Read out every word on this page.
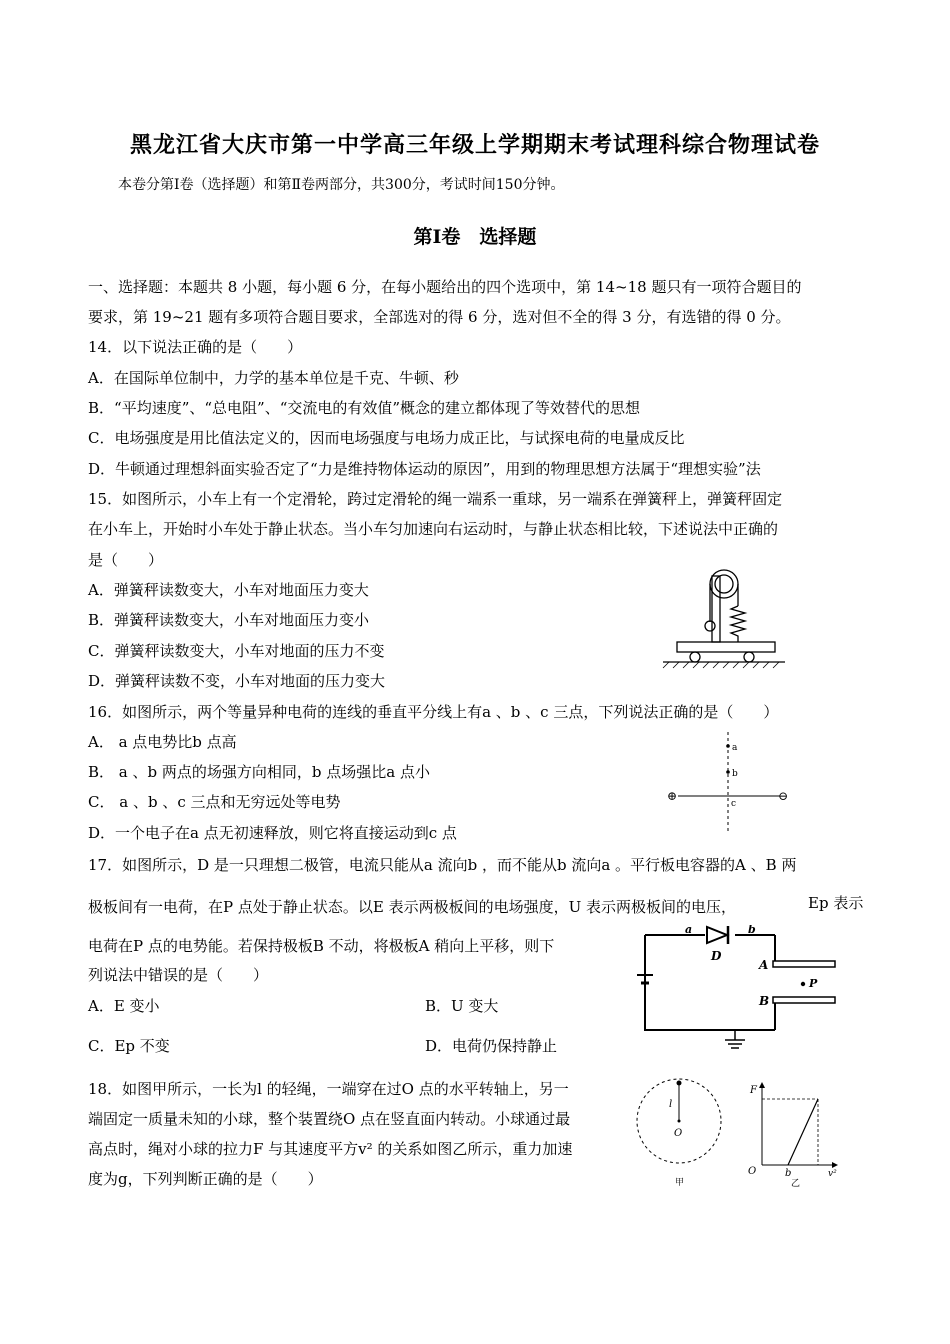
黑龙江省大庆市第一中学高三年级上学期期末考试理科综合物理试卷
本卷分第Ⅰ卷（选择题）和第Ⅱ卷两部分，共300分，考试时间150分钟。
第Ⅰ卷　选择题
一、选择题：本题共 8 小题，每小题 6 分，在每小题给出的四个选项中，第 14~18 题只有一项符合题目的
要求，第 19~21 题有多项符合题目要求，全部选对的得 6 分，选对但不全的得 3 分，有选错的得 0 分。
14．以下说法正确的是（　　）
A．在国际单位制中，力学的基本单位是千克、牛顿、秒
B．“平均速度”、“总电阻”、“交流电的有效值”概念的建立都体现了等效替代的思想
C．电场强度是用比值法定义的，因而电场强度与电场力成正比，与试探电荷的电量成反比
D．牛顿通过理想斜面实验否定了“力是维持物体运动的原因”，用到的物理思想方法属于“理想实验”法
15．如图所示，小车上有一个定滑轮，跨过定滑轮的绳一端系一重球，另一端系在弹簧秤上，弹簧秤固定
在小车上，开始时小车处于静止状态。当小车匀加速向右运动时，与静止状态相比较，下述说法中正确的
是（　　）
A．弹簧秤读数变大，小车对地面压力变大
B．弹簧秤读数变大，小车对地面压力变小
C．弹簧秤读数变大，小车对地面的压力不变
D．弹簧秤读数不变，小车对地面的压力变大
16．如图所示，两个等量异种电荷的连线的垂直平分线上有a 、b 、c 三点，下列说法正确的是（　　）
A． a 点电势比b 点高
B． a 、b 两点的场强方向相同，b 点场强比a 点小
C． a 、b 、c 三点和无穷远处等电势
D．一个电子在a 点无初速释放，则它将直接运动到c 点
a
b
c
⊕	⊖
17．如图所示，D 是一只理想二极管，电流只能从a 流向b ，而不能从b 流向a 。平行板电容器的A 、B 两
极板间有一电荷，在P 点处于静止状态。以E 表示两极板间的电场强度，U 表示两极板间的电压，	Ep 表示
电荷在P 点的电势能。若保持极板B 不动，将极板A 稍向上平移，则下
列说法中错误的是（　　）
A．E 变小	B．U 变大
C．Ep 不变	D．电荷仍保持静止
a	b
D
A
B
P
18．如图甲所示，一长为l 的轻绳，一端穿在过O 点的水平转轴上，另一
端固定一质量未知的小球，整个装置绕O 点在竖直面内转动。小球通过最
高点时，绳对小球的拉力F 与其速度平方v² 的关系如图乙所示，重力加速
度为g，下列判断正确的是（　　）
l
O
甲
F
O	b	v²
乙
